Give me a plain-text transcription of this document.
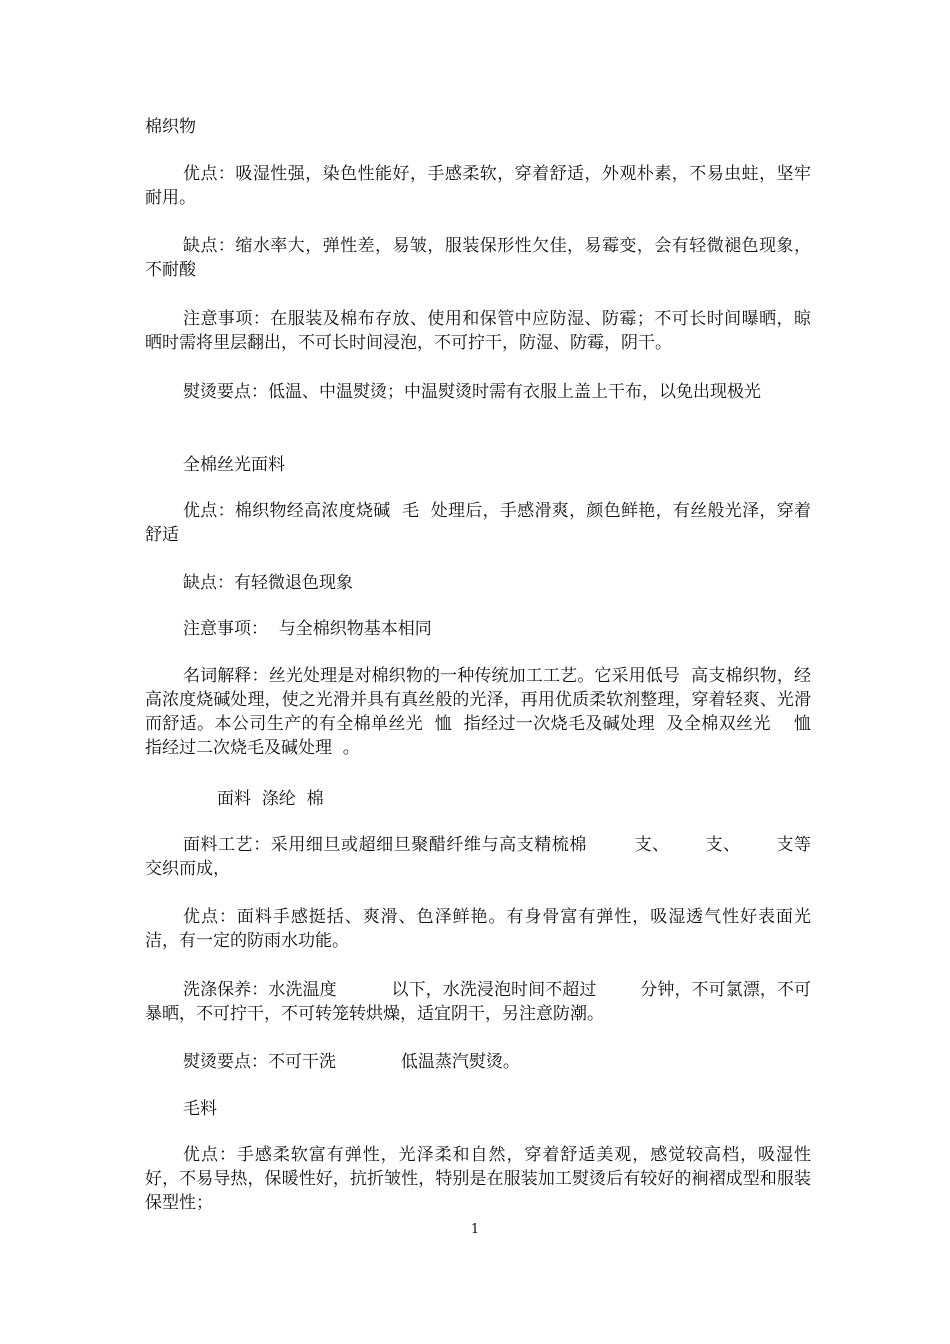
棉织物

优点：吸湿性强，染色性能好，手感柔软，穿着舒适，外观朴素，不易虫蛀，坚牢耐用。

缺点：缩水率大，弹性差，易皱，服装保形性欠佳，易霉变，会有轻微褪色现象，不耐酸

注意事项：在服装及棉布存放、使用和保管中应防湿、防霉；不可长时间曝晒，晾晒时需将里层翻出，不可长时间浸泡，不可拧干，防湿、防霉，阴干。

熨烫要点：低温、中温熨烫；中温熨烫时需有衣服上盖上干布，以免出现极光

全棉丝光面料

优点：棉织物经高浓度烧碱  毛  处理后，手感滑爽，颜色鲜艳，有丝般光泽，穿着舒适

缺点：有轻微退色现象

注意事项：  与全棉织物基本相同

名词解释：丝光处理是对棉织物的一种传统加工工艺。它采用低号  高支棉织物，经高浓度烧碱处理，使之光滑并具有真丝般的光泽，再用优质柔软剂整理，穿着轻爽、光滑而舒适。本公司生产的有全棉单丝光  恤  指经过一次烧毛及碱处理  及全棉双丝光    恤  指经过二次烧毛及碱处理  。

面料  涤纶  棉

面料工艺：采用细旦或超细旦聚醋纤维与高支精梳棉        支、      支、      支等  交织而成，

优点：面料手感挺括、爽滑、色泽鲜艳。有身骨富有弹性，吸湿透气性好表面光洁，有一定的防雨水功能。

洗涤保养：水洗温度          以下，水洗浸泡时间不超过        分钟，不可氯漂，不可暴晒，不可拧干，不可转笼转烘燥，适宜阴干，另注意防潮。

熨烫要点：不可干洗            低温蒸汽熨烫。

毛料

优点：手感柔软富有弹性，光泽柔和自然，穿着舒适美观，感觉较高档，吸湿性好，不易导热，保暖性好，抗折皱性，特别是在服装加工熨烫后有较好的裥褶成型和服装保型性；

1
